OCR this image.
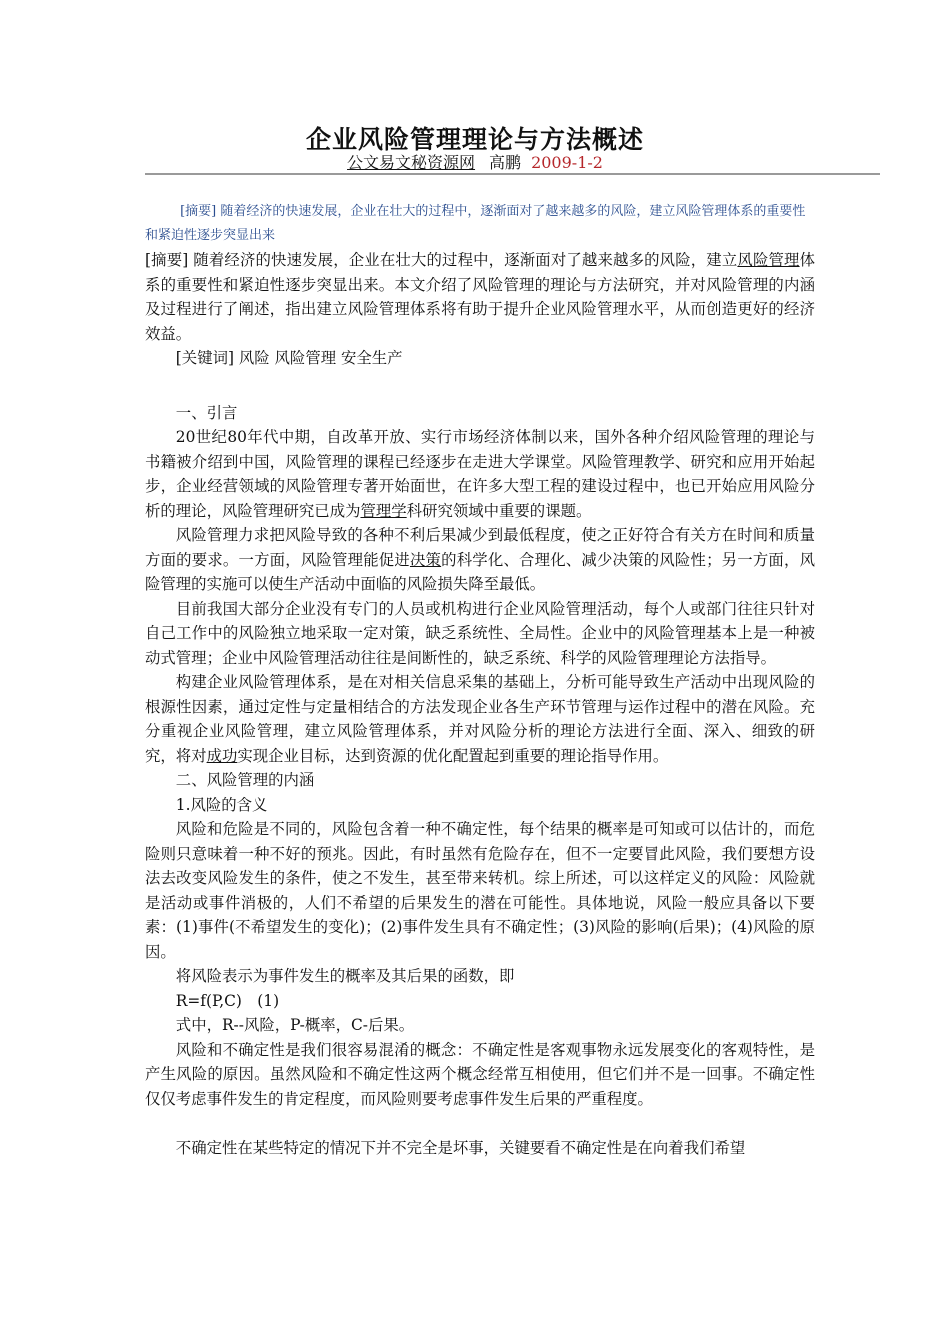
企业风险管理理论与方法概述
公文易文秘资源网 高鹏 2009-1-2
[摘要] 随着经济的快速发展，企业在壮大的过程中，逐渐面对了越来越多的风险，建立风险管理体系的重要性和紧迫性逐步突显出来

[摘要] 随着经济的快速发展，企业在壮大的过程中，逐渐面对了越来越多的风险，建立风险管理体系的重要性和紧迫性逐步突显出来。本文介绍了风险管理的理论与方法研究，并对风险管理的内涵及过程进行了阐述，指出建立风险管理体系将有助于提升企业风险管理水平，从而创造更好的经济效益。

[关键词] 风险 风险管理 安全生产

一、引言

20世纪80年代中期，自改革开放、实行市场经济体制以来，国外各种介绍风险管理的理论与书籍被介绍到中国，风险管理的课程已经逐步在走进大学课堂。风险管理教学、研究和应用开始起步，企业经营领域的风险管理专著开始面世，在许多大型工程的建设过程中，也已开始应用风险分析的理论，风险管理研究已成为管理学科研究领域中重要的课题。

风险管理力求把风险导致的各种不利后果减少到最低程度，使之正好符合有关方在时间和质量方面的要求。一方面，风险管理能促进决策的科学化、合理化、减少决策的风险性；另一方面，风险管理的实施可以使生产活动中面临的风险损失降至最低。

目前我国大部分企业没有专门的人员或机构进行企业风险管理活动，每个人或部门往往只针对自己工作中的风险独立地采取一定对策，缺乏系统性、全局性。企业中的风险管理基本上是一种被动式管理；企业中风险管理活动往往是间断性的，缺乏系统、科学的风险管理理论方法指导。

构建企业风险管理体系，是在对相关信息采集的基础上，分析可能导致生产活动中出现风险的根源性因素，通过定性与定量相结合的方法发现企业各生产环节管理与运作过程中的潜在风险。充分重视企业风险管理，建立风险管理体系，并对风险分析的理论方法进行全面、深入、细致的研究，将对成功实现企业目标，达到资源的优化配置起到重要的理论指导作用。

二、风险管理的内涵

1.风险的含义

风险和危险是不同的，风险包含着一种不确定性，每个结果的概率是可知或可以估计的，而危险则只意味着一种不好的预兆。因此，有时虽然有危险存在，但不一定要冒此风险，我们要想方设法去改变风险发生的条件，使之不发生，甚至带来转机。综上所述，可以这样定义的风险：风险就是活动或事件消极的，人们不希望的后果发生的潜在可能性。具体地说，风险一般应具备以下要素：(1)事件(不希望发生的变化)；(2)事件发生具有不确定性；(3)风险的影响(后果)；(4)风险的原因。

将风险表示为事件发生的概率及其后果的函数，即

R=f(P,C)　(1)

式中，R--风险，P-概率，C-后果。

风险和不确定性是我们很容易混淆的概念：不确定性是客观事物永远发展变化的客观特性，是产生风险的原因。虽然风险和不确定性这两个概念经常互相使用，但它们并不是一回事。不确定性仅仅考虑事件发生的肯定程度，而风险则要考虑事件发生后果的严重程度。

不确定性在某些特定的情况下并不完全是坏事，关键要看不确定性是在向着我们希望
